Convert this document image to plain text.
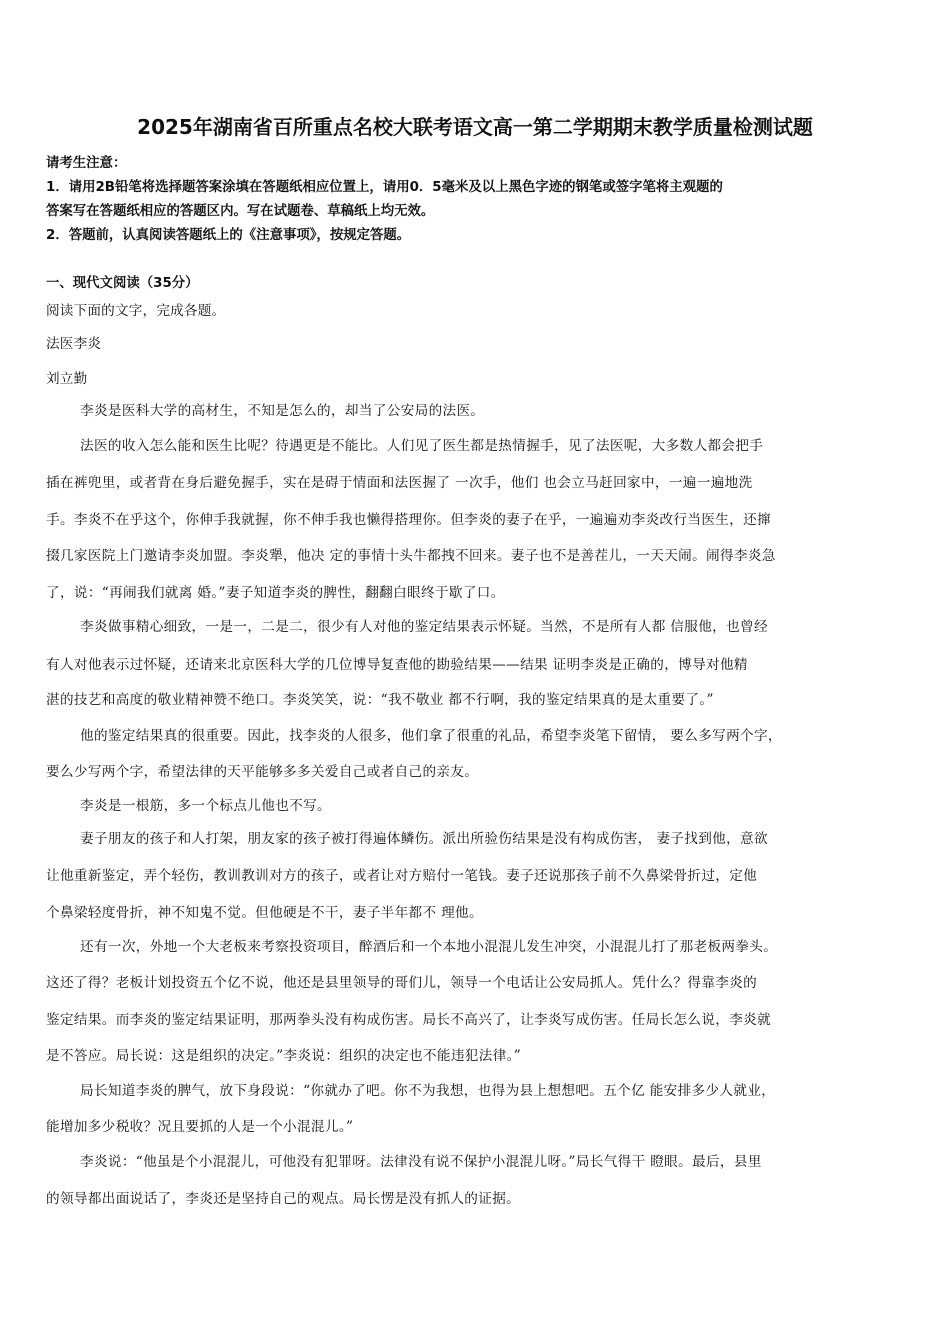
2025年湖南省百所重点名校大联考语文高一第二学期期末教学质量检测试题
请考生注意：
1．请用2B铅笔将选择题答案涂填在答题纸相应位置上，请用0．5毫米及以上黑色字迹的钢笔或签字笔将主观题的
答案写在答题纸相应的答题区内。写在试题卷、草稿纸上均无效。
2．答题前，认真阅读答题纸上的《注意事项》，按规定答题。
一、现代文阅读（35分）
阅读下面的文字，完成各题。
法医李炎
刘立勤
李炎是医科大学的高材生，不知是怎么的，却当了公安局的法医。
法医的收入怎么能和医生比呢？待遇更是不能比。人们见了医生都是热情握手，见了法医呢，大多数人都会把手
插在裤兜里，或者背在身后避免握手，实在是碍于情面和法医握了 一次手，他们 也会立马赶回家中，一遍一遍地洗
手。李炎不在乎这个，你伸手我就握，你不伸手我也懒得搭理你。但李炎的妻子在乎，一遍遍劝李炎改行当医生，还撺
掇几家医院上门邀请李炎加盟。李炎犟，他决 定的事情十头牛都拽不回来。妻子也不是善茬儿，一天天闹。闹得李炎急
了，说：“再闹我们就离 婚。”妻子知道李炎的脾性，翻翻白眼终于歇了口。
李炎做事精心细致，一是一，二是二，很少有人对他的鉴定结果表示怀疑。当然，不是所有人都 信服他，也曾经
有人对他表示过怀疑，还请来北京医科大学的几位博导复查他的勘验结果——结果 证明李炎是正确的，博导对他精
湛的技艺和高度的敬业精神赞不绝口。李炎笑笑，说：“我不敬业 都不行啊，我的鉴定结果真的是太重要了。”
他的鉴定结果真的很重要。因此，找李炎的人很多，他们拿了很重的礼品，希望李炎笔下留情， 要么多写两个字，
要么少写两个字，希望法律的天平能够多多关爱自己或者自己的亲友。
李炎是一根筋，多一个标点儿他也不写。
妻子朋友的孩子和人打架，朋友家的孩子被打得遍体鳞伤。派出所验伤结果是没有构成伤害， 妻子找到他，意欲
让他重新鉴定，弄个轻伤，教训教训对方的孩子，或者让对方赔付一笔钱。妻子还说那孩子前不久鼻梁骨折过，定他
个鼻梁轻度骨折，神不知鬼不觉。但他硬是不干，妻子半年都不 理他。
还有一次，外地一个大老板来考察投资项目，醉酒后和一个本地小混混儿发生冲突，小混混儿打了那老板两拳头。
这还了得？老板计划投资五个亿不说，他还是县里领导的哥们儿，领导一个电话让公安局抓人。凭什么？得靠李炎的
鉴定结果。而李炎的鉴定结果证明，那两拳头没有构成伤害。局长不高兴了，让李炎写成伤害。任局长怎么说，李炎就
是不答应。局长说：这是组织的决定。”李炎说：组织的决定也不能违犯法律。”
局长知道李炎的脾气，放下身段说：“你就办了吧。你不为我想，也得为县上想想吧。五个亿 能安排多少人就业，
能增加多少税收？况且要抓的人是一个小混混儿。”
李炎说：“他虽是个小混混儿，可他没有犯罪呀。法律没有说不保护小混混儿呀。”局长气得干 瞪眼。最后，县里
的领导都出面说话了，李炎还是坚持自己的观点。局长愣是没有抓人的证据。
